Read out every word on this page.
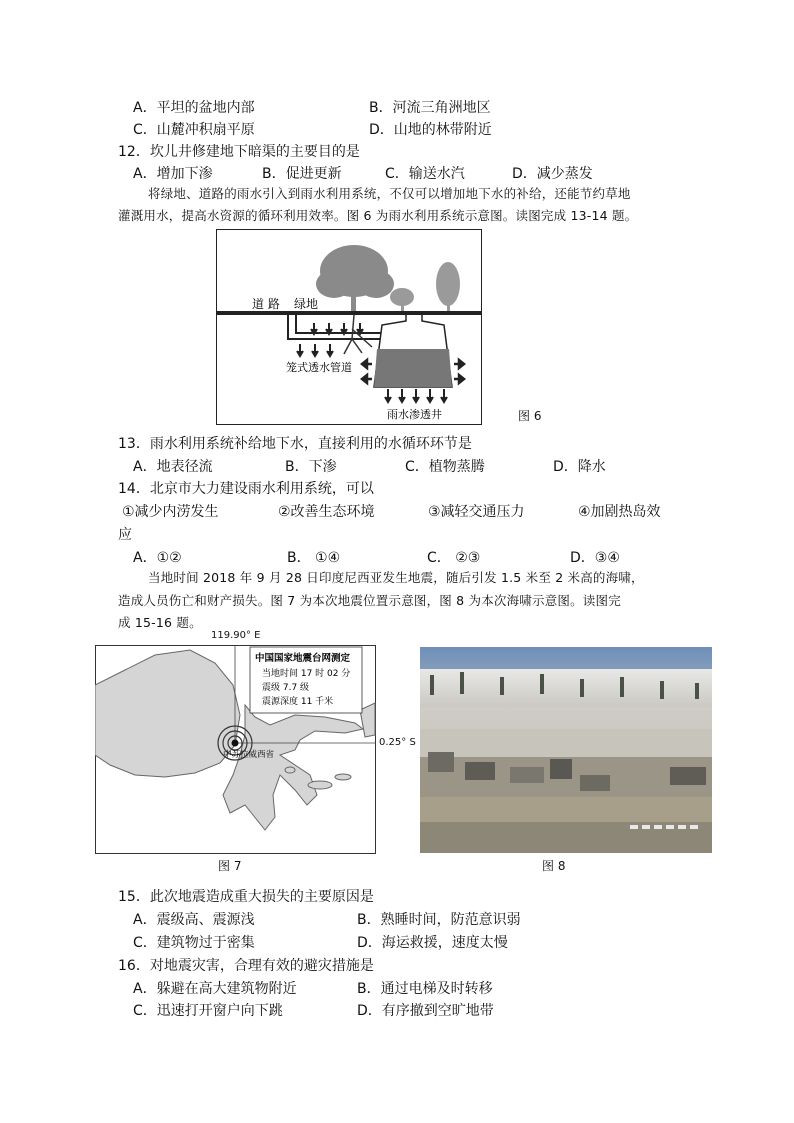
A．平坦的盆地内部	B．河流三角洲地区
C．山麓冲积扇平原	D．山地的林带附近
12．坎儿井修建地下暗渠的主要目的是
A．增加下渗	B．促进更新	C．输送水汽	D．减少蒸发
将绿地、道路的雨水引入到雨水利用系统，不仅可以增加地下水的补给，还能节约草地
灌溉用水，提高水资源的循环利用效率。图 6 为雨水利用系统示意图。读图完成 13-14 题。
道 路 绿地
笼式透水管道
雨水渗透井	图 6
13．雨水利用系统补给地下水，直接利用的水循环环节是
A．地表径流	B．下渗	C．植物蒸腾	D．降水
14．北京市大力建设雨水利用系统，可以
①减少内涝发生	②改善生态环境	③减轻交通压力	④加剧热岛效
应
A．①②	B． ①④	C． ②③	D．③④
当地时间 2018 年 9 月 28 日印度尼西亚发生地震，随后引发 1.5 米至 2 米高的海啸，
造成人员伤亡和财产损失。图 7 为本次地震位置示意图，图 8 为本次海啸示意图。读图完
成 15-16 题。
119.90° E
中国国家地震台网测定
当地时间 17 时 02 分
震级 7.7 级
震源深度 11 千米
中苏拉威西省
0.25° S
图 7	图 8
15．此次地震造成重大损失的主要原因是
A．震级高、震源浅	B．熟睡时间，防范意识弱
C．建筑物过于密集	D．海运救援，速度太慢
16．对地震灾害，合理有效的避灾措施是
A．躲避在高大建筑物附近	B．通过电梯及时转移
C．迅速打开窗户向下跳	D．有序撤到空旷地带
